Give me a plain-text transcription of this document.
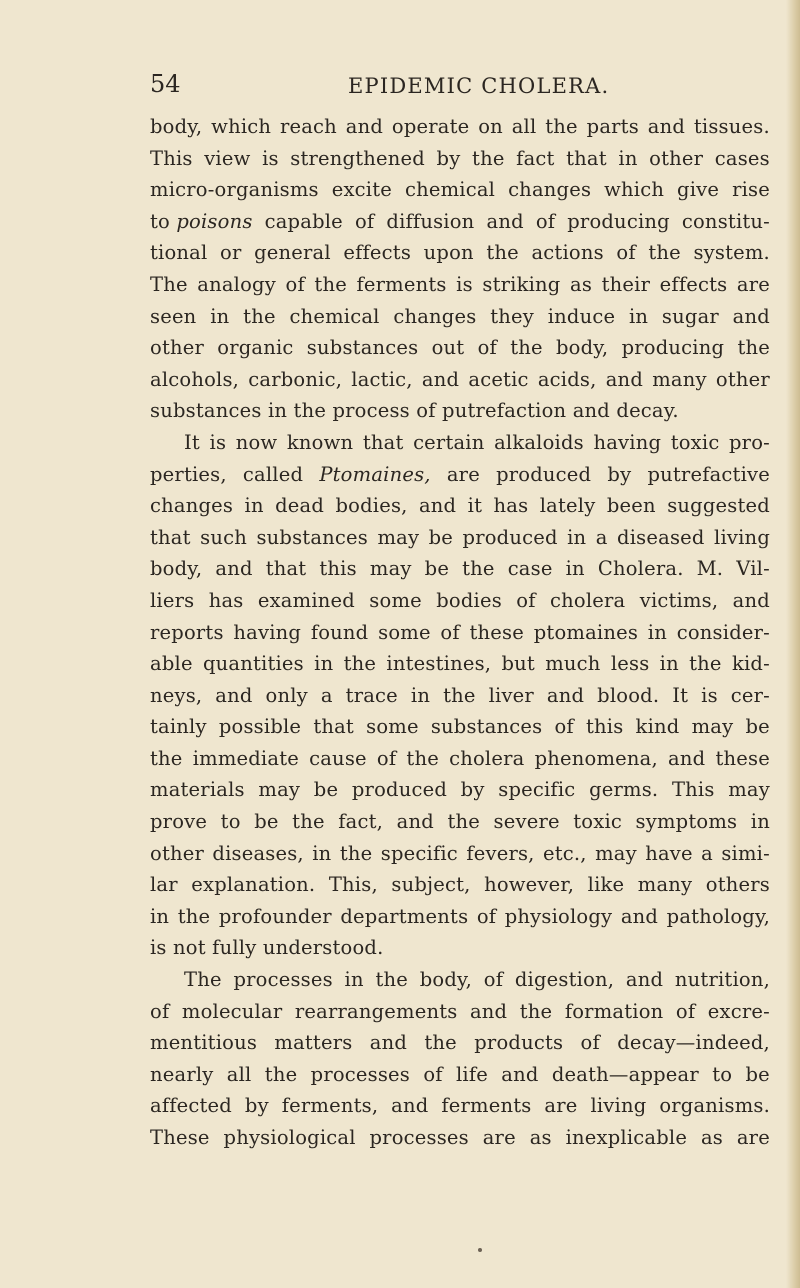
54	EPIDEMIC CHOLERA.
body, which reach and operate on all the parts and tissues.
This view is strengthened by the fact that in other cases
micro-organisms excite chemical changes which give rise
to poisons capable of diffusion and of producing constitu-
tional or general effects upon the actions of the system.
The analogy of the ferments is striking as their effects are
seen in the chemical changes they induce in sugar and
other organic substances out of the body, producing the
alcohols, carbonic, lactic, and acetic acids, and many other
substances in the process of putrefaction and decay.
It is now known that certain alkaloids having toxic pro-
perties, called Ptomaines, are produced by putrefactive
changes in dead bodies, and it has lately been suggested
that such substances may be produced in a diseased living
body, and that this may be the case in Cholera. M. Vil-
liers has examined some bodies of cholera victims, and
reports having found some of these ptomaines in consider-
able quantities in the intestines, but much less in the kid-
neys, and only a trace in the liver and blood. It is cer-
tainly possible that some substances of this kind may be
the immediate cause of the cholera phenomena, and these
materials may be produced by specific germs. This may
prove to be the fact, and the severe toxic symptoms in
other diseases, in the specific fevers, etc., may have a simi-
lar explanation. This, subject, however, like many others
in the profounder departments of physiology and pathology,
is not fully understood.
The processes in the body, of digestion, and nutrition,
of molecular rearrangements and the formation of excre-
mentitious matters and the products of decay—indeed,
nearly all the processes of life and death—appear to be
affected by ferments, and ferments are living organisms.
These physiological processes are as inexplicable as are
